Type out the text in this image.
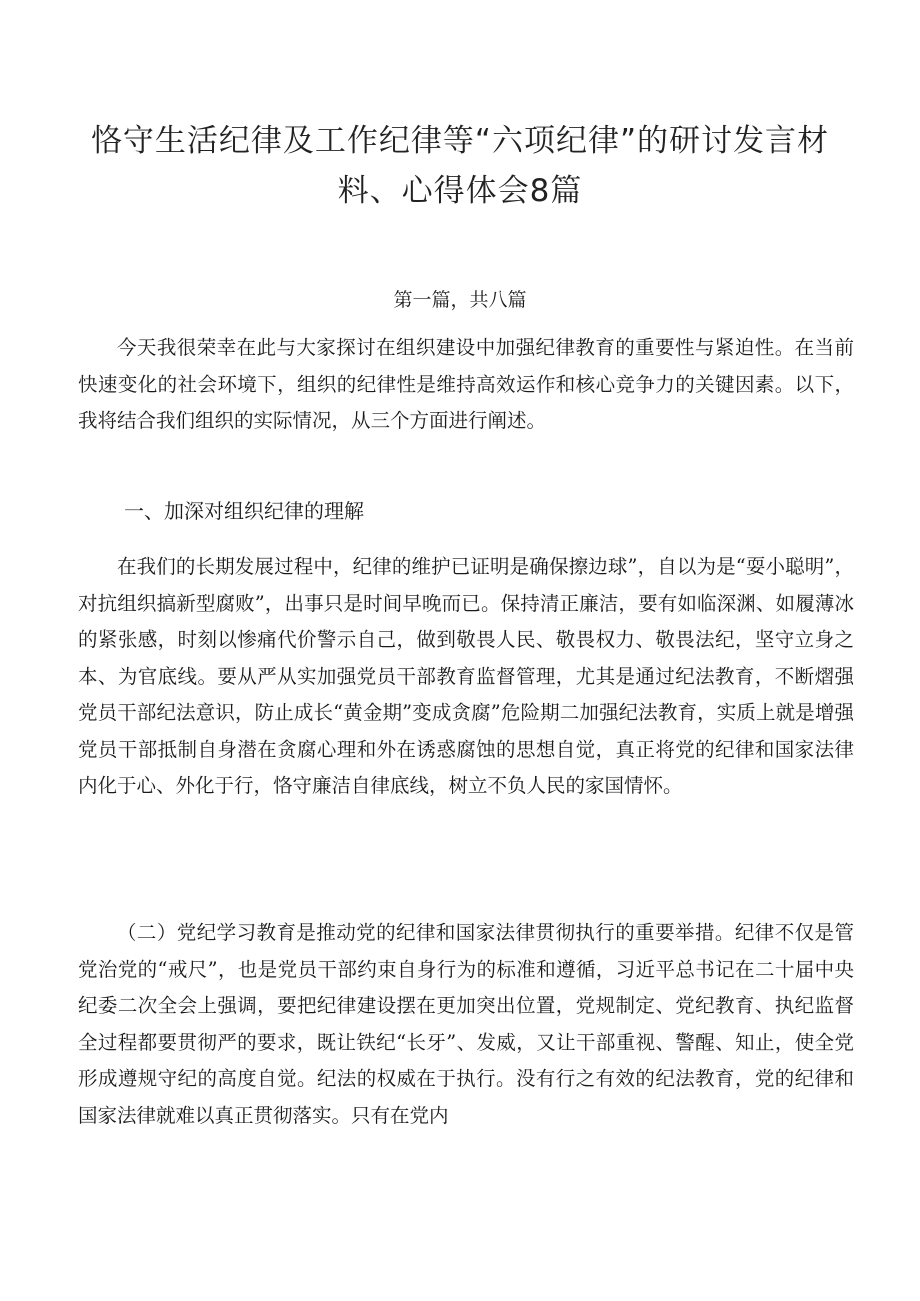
恪守生活纪律及工作纪律等“六项纪律”的研讨发言材料、心得体会8篇
第一篇，共八篇

今天我很荣幸在此与大家探讨在组织建设中加强纪律教育的重要性与紧迫性。在当前快速变化的社会环境下，组织的纪律性是维持高效运作和核心竞争力的关键因素。以下，我将结合我们组织的实际情况，从三个方面进行阐述。

一、加深对组织纪律的理解

在我们的长期发展过程中，纪律的维护已证明是确保擦边球”，自以为是“耍小聪明”，对抗组织搞新型腐败”，出事只是时间早晚而已。保持清正廉洁，要有如临深渊、如履薄冰的紧张感，时刻以惨痛代价警示自己，做到敬畏人民、敬畏权力、敬畏法纪，坚守立身之本、为官底线。要从严从实加强党员干部教育监督管理，尤其是通过纪法教育，不断熠强党员干部纪法意识，防止成长“黄金期”变成贪腐”危险期二加强纪法教育，实质上就是增强党员干部抵制自身潜在贪腐心理和外在诱惑腐蚀的思想自觉，真正将党的纪律和国家法律内化于心、外化于行，恪守廉洁自律底线，树立不负人民的家国情怀。

（二）党纪学习教育是推动党的纪律和国家法律贯彻执行的重要举措。纪律不仅是管党治党的“戒尺”，也是党员干部约束自身行为的标准和遵循，习近平总书记在二十届中央纪委二次全会上强调，要把纪律建设摆在更加突出位置，党规制定、党纪教育、执纪监督全过程都要贯彻严的要求，既让铁纪“长牙”、发威，又让干部重视、警醒、知止，使全党形成遵规守纪的高度自觉。纪法的权威在于执行。没有行之有效的纪法教育，党的纪律和国家法律就难以真正贯彻落实。只有在党内
